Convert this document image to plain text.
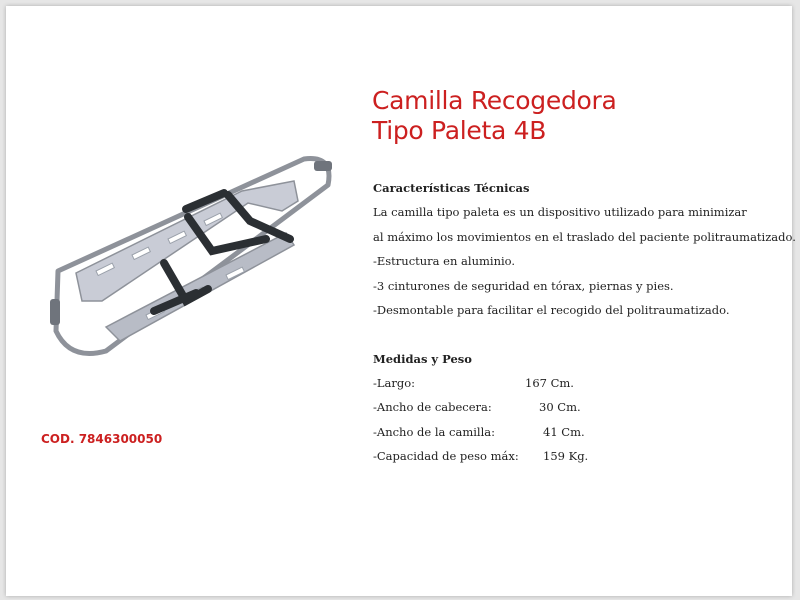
Camilla Recogedora
Tipo Paleta 4B
COD. 7846300050
Características Técnicas
La camilla tipo paleta es un dispositivo utilizado para minimizar
al máximo los movimientos en el traslado del paciente politraumatizado.
-Estructura en aluminio.
-3 cinturones de seguridad en tórax, piernas y pies.
-Desmontable para facilitar el recogido del politraumatizado.
Medidas y Peso
-Largo:	167 Cm.
-Ancho de cabecera:	30 Cm.
-Ancho de la camilla:	41 Cm.
-Capacidad de peso máx: 159 Kg.
